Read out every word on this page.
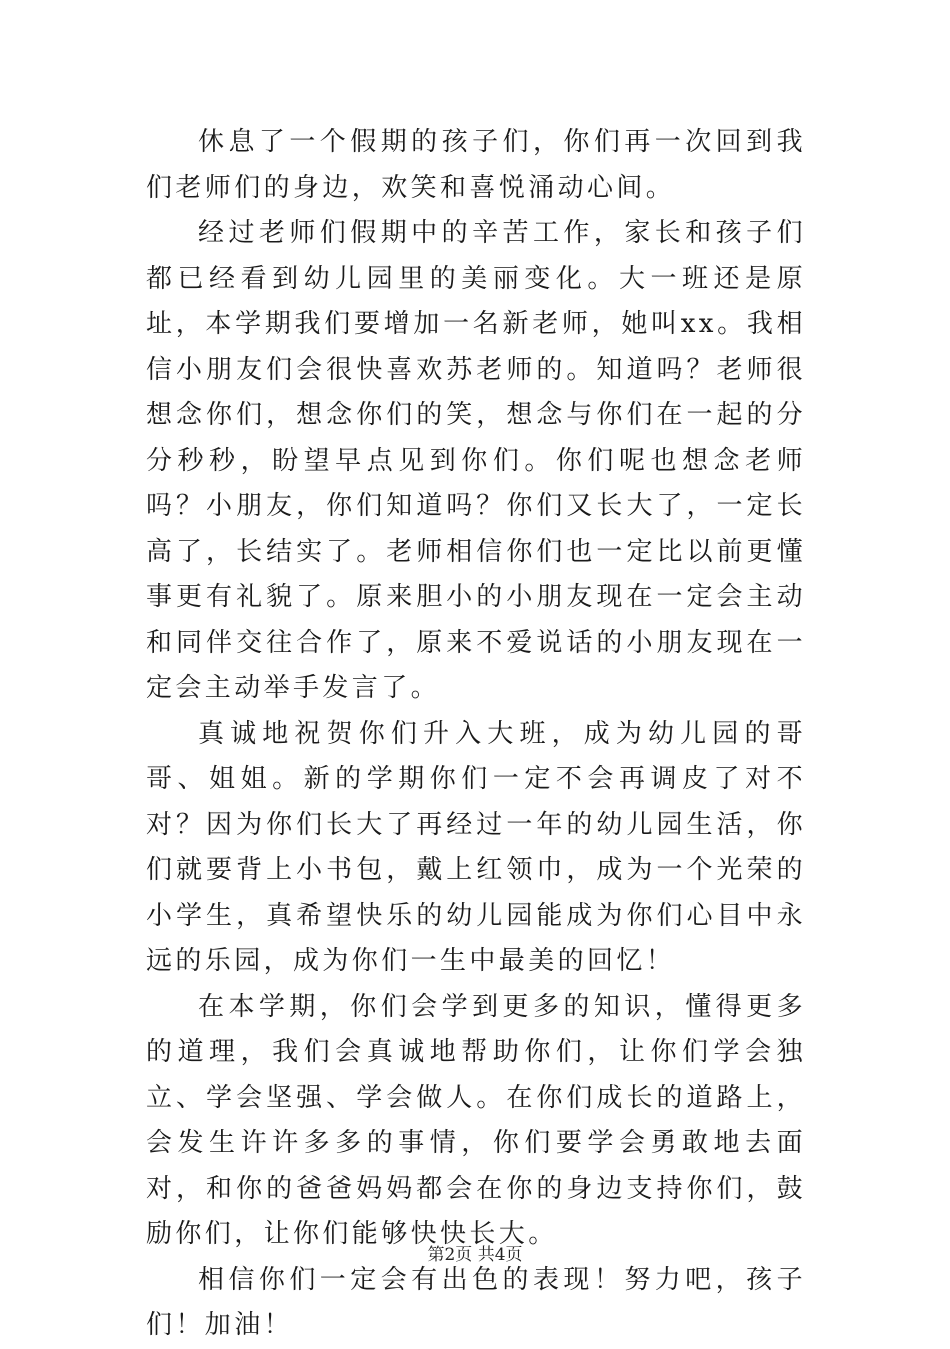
休息了一个假期的孩子们，你们再一次回到我们老师们的身边，欢笑和喜悦涌动心间。

经过老师们假期中的辛苦工作，家长和孩子们都已经看到幼儿园里的美丽变化。大一班还是原址，本学期我们要增加一名新老师，她叫xx。我相信小朋友们会很快喜欢苏老师的。知道吗？老师很想念你们，想念你们的笑，想念与你们在一起的分分秒秒，盼望早点见到你们。你们呢也想念老师吗？小朋友，你们知道吗？你们又长大了，一定长高了，长结实了。老师相信你们也一定比以前更懂事更有礼貌了。原来胆小的小朋友现在一定会主动和同伴交往合作了，原来不爱说话的小朋友现在一定会主动举手发言了。

真诚地祝贺你们升入大班，成为幼儿园的哥哥、姐姐。新的学期你们一定不会再调皮了对不对？因为你们长大了再经过一年的幼儿园生活，你们就要背上小书包，戴上红领巾，成为一个光荣的小学生，真希望快乐的幼儿园能成为你们心目中永远的乐园，成为你们一生中最美的回忆！

在本学期，你们会学到更多的知识，懂得更多的道理，我们会真诚地帮助你们，让你们学会独立、学会坚强、学会做人。在你们成长的道路上，会发生许许多多的事情，你们要学会勇敢地去面对，和你的爸爸妈妈都会在你的身边支持你们，鼓励你们，让你们能够快快长大。

相信你们一定会有出色的表现！努力吧，孩子们！加油！

第2页 共4页
